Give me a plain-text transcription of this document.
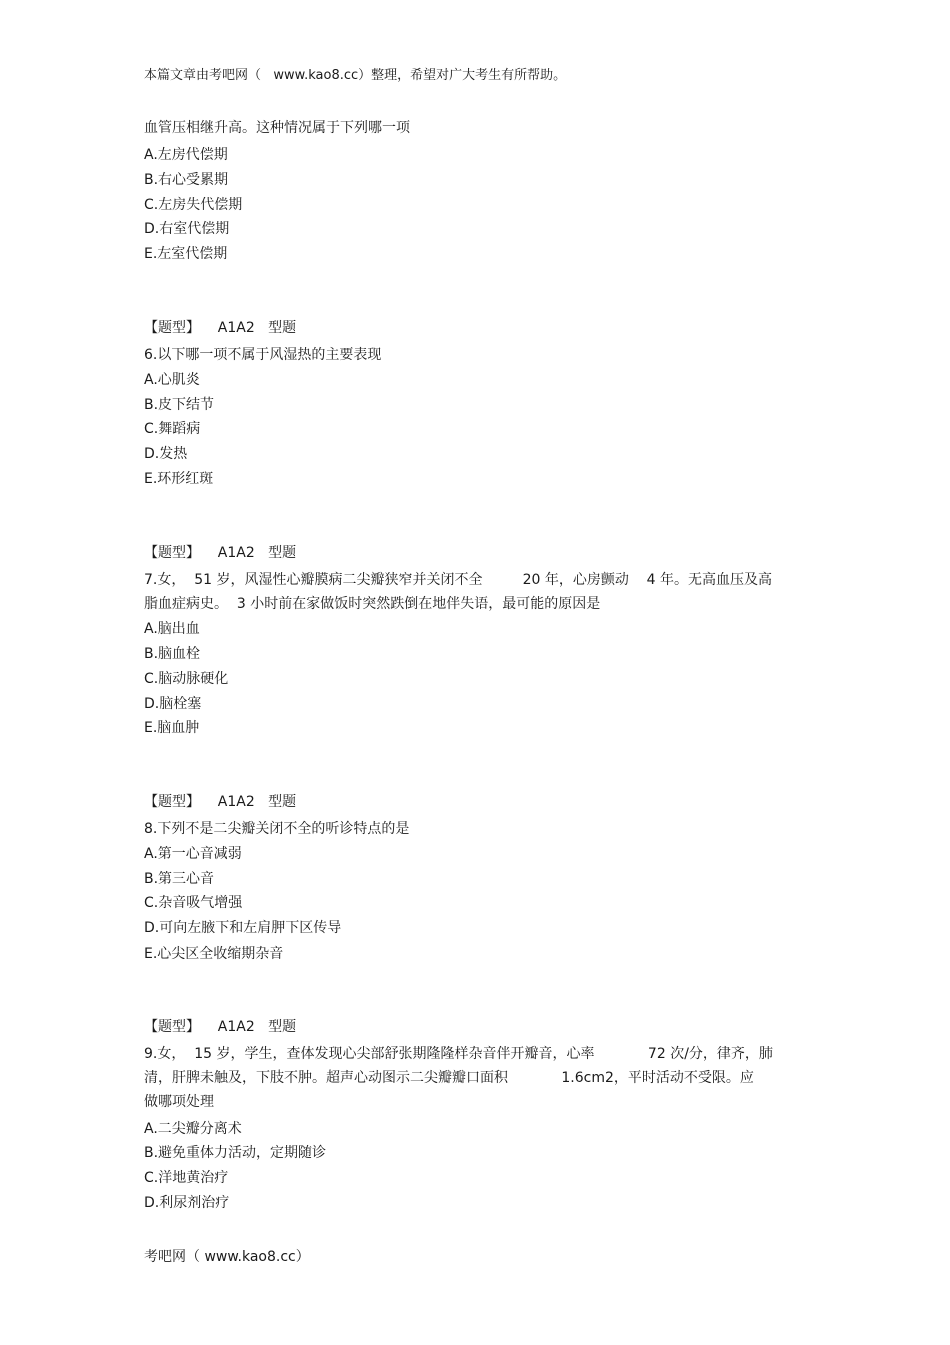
本篇文章由考吧网（   www.kao8.cc）整理，希望对广大考生有所帮助。
血管压相继升高。这种情况属于下列哪一项
A.左房代偿期
B.右心受累期
C.左房失代偿期
D.右室代偿期
E.左室代偿期
【题型】    A1A2   型题
6.以下哪一项不属于风湿热的主要表现
A.心肌炎
B.皮下结节
C.舞蹈病
D.发热
E.环形红斑
【题型】    A1A2   型题
7.女，  51 岁，风湿性心瓣膜病二尖瓣狭窄并关闭不全         20 年，心房颤动    4 年。无高血压及高
脂血症病史。  3 小时前在家做饭时突然跌倒在地伴失语，最可能的原因是
A.脑出血
B.脑血栓
C.脑动脉硬化
D.脑栓塞
E.脑血肿
【题型】    A1A2   型题
8.下列不是二尖瓣关闭不全的听诊特点的是
A.第一心音减弱
B.第三心音
C.杂音吸气增强
D.可向左腋下和左肩胛下区传导
E.心尖区全收缩期杂音
【题型】    A1A2   型题
9.女，  15 岁，学生，查体发现心尖部舒张期隆隆样杂音伴开瓣音，心率            72 次/分，律齐，肺
清，肝脾未触及，下肢不肿。超声心动图示二尖瓣瓣口面积            1.6cm2，平时活动不受限。应
做哪项处理
A.二尖瓣分离术
B.避免重体力活动，定期随诊
C.洋地黄治疗
D.利尿剂治疗
考吧网（ www.kao8.cc）
